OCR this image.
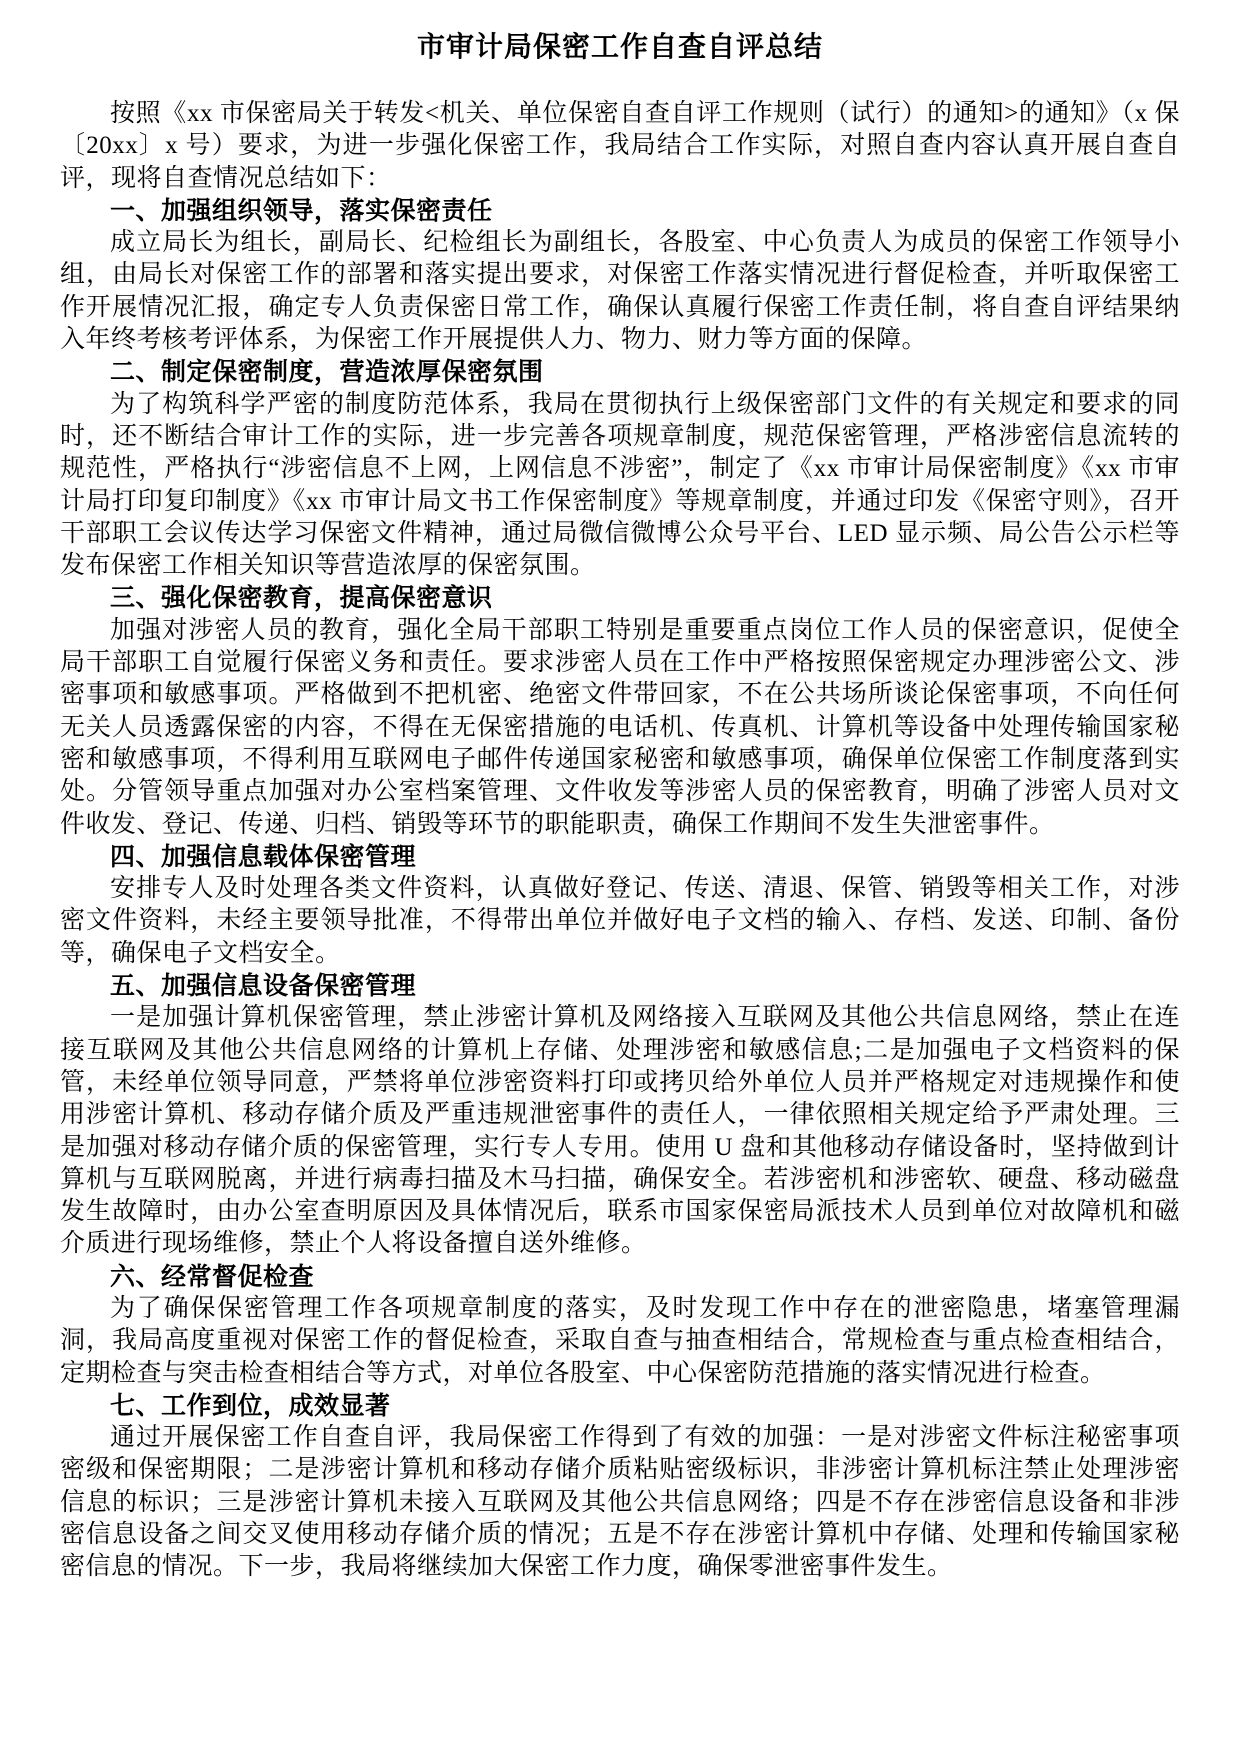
市审计局保密工作自查自评总结

按照《xx 市保密局关于转发<机关、单位保密自查自评工作规则（试行）的通知>的通知》（x 保〔20xx〕x 号）要求，为进一步强化保密工作，我局结合工作实际，对照自查内容认真开展自查自评，现将自查情况总结如下：

一、加强组织领导，落实保密责任

成立局长为组长，副局长、纪检组长为副组长，各股室、中心负责人为成员的保密工作领导小组，由局长对保密工作的部署和落实提出要求，对保密工作落实情况进行督促检查，并听取保密工作开展情况汇报，确定专人负责保密日常工作，确保认真履行保密工作责任制，将自查自评结果纳入年终考核考评体系，为保密工作开展提供人力、物力、财力等方面的保障。

二、制定保密制度，营造浓厚保密氛围

为了构筑科学严密的制度防范体系，我局在贯彻执行上级保密部门文件的有关规定和要求的同时，还不断结合审计工作的实际，进一步完善各项规章制度，规范保密管理，严格涉密信息流转的规范性，严格执行“涉密信息不上网，上网信息不涉密”，制定了《xx 市审计局保密制度》《xx 市审计局打印复印制度》《xx 市审计局文书工作保密制度》等规章制度，并通过印发《保密守则》，召开干部职工会议传达学习保密文件精神，通过局微信微博公众号平台、LED 显示频、局公告公示栏等发布保密工作相关知识等营造浓厚的保密氛围。

三、强化保密教育，提高保密意识

加强对涉密人员的教育，强化全局干部职工特别是重要重点岗位工作人员的保密意识，促使全局干部职工自觉履行保密义务和责任。要求涉密人员在工作中严格按照保密规定办理涉密公文、涉密事项和敏感事项。严格做到不把机密、绝密文件带回家，不在公共场所谈论保密事项，不向任何无关人员透露保密的内容，不得在无保密措施的电话机、传真机、计算机等设备中处理传输国家秘密和敏感事项，不得利用互联网电子邮件传递国家秘密和敏感事项，确保单位保密工作制度落到实处。分管领导重点加强对办公室档案管理、文件收发等涉密人员的保密教育，明确了涉密人员对文件收发、登记、传递、归档、销毁等环节的职能职责，确保工作期间不发生失泄密事件。

四、加强信息载体保密管理

安排专人及时处理各类文件资料，认真做好登记、传送、清退、保管、销毁等相关工作，对涉密文件资料，未经主要领导批准，不得带出单位并做好电子文档的输入、存档、发送、印制、备份等，确保电子文档安全。

五、加强信息设备保密管理

一是加强计算机保密管理，禁止涉密计算机及网络接入互联网及其他公共信息网络，禁止在连接互联网及其他公共信息网络的计算机上存储、处理涉密和敏感信息;二是加强电子文档资料的保管，未经单位领导同意，严禁将单位涉密资料打印或拷贝给外单位人员并严格规定对违规操作和使用涉密计算机、移动存储介质及严重违规泄密事件的责任人，一律依照相关规定给予严肃处理。三是加强对移动存储介质的保密管理，实行专人专用。使用 U 盘和其他移动存储设备时，坚持做到计算机与互联网脱离，并进行病毒扫描及木马扫描，确保安全。若涉密机和涉密软、硬盘、移动磁盘发生故障时，由办公室查明原因及具体情况后，联系市国家保密局派技术人员到单位对故障机和磁介质进行现场维修，禁止个人将设备擅自送外维修。

六、经常督促检查

为了确保保密管理工作各项规章制度的落实，及时发现工作中存在的泄密隐患，堵塞管理漏洞，我局高度重视对保密工作的督促检查，采取自查与抽查相结合，常规检查与重点检查相结合，定期检查与突击检查相结合等方式，对单位各股室、中心保密防范措施的落实情况进行检查。

七、工作到位，成效显著

通过开展保密工作自查自评，我局保密工作得到了有效的加强：一是对涉密文件标注秘密事项密级和保密期限；二是涉密计算机和移动存储介质粘贴密级标识，非涉密计算机标注禁止处理涉密信息的标识；三是涉密计算机未接入互联网及其他公共信息网络；四是不存在涉密信息设备和非涉密信息设备之间交叉使用移动存储介质的情况；五是不存在涉密计算机中存储、处理和传输国家秘密信息的情况。下一步，我局将继续加大保密工作力度，确保零泄密事件发生。
